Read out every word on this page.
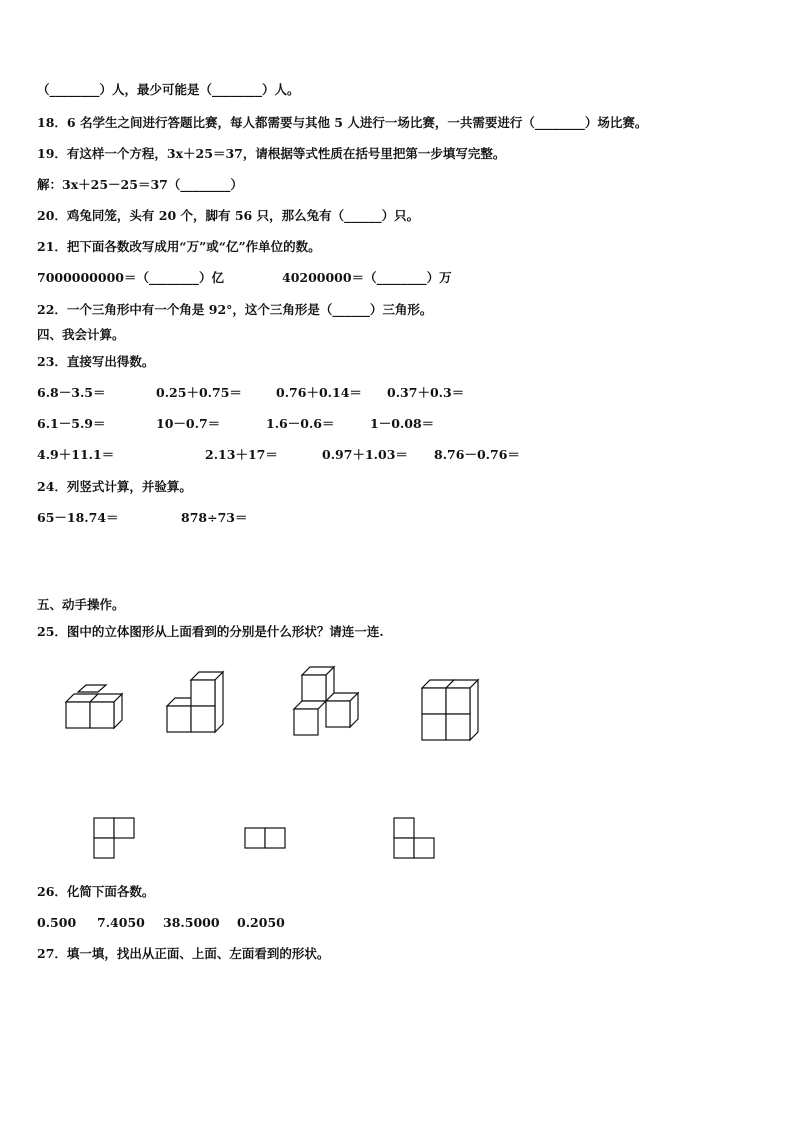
（________）人，最少可能是（________）人。
18．6 名学生之间进行答题比赛，每人都需要与其他 5 人进行一场比赛，一共需要进行（________）场比赛。
19．有这样一个方程，3x＋25＝37，请根据等式性质在括号里把第一步填写完整。
解：3x＋25－25＝37（________）
20．鸡兔同笼，头有 20 个，脚有 56 只，那么兔有（______）只。
21．把下面各数改写成用“万”或“亿”作单位的数。
7000000000＝（________）亿	40200000＝（________）万
22．一个三角形中有一个角是 92°，这个三角形是（______）三角形。
四、我会计算。
23．直接写出得数。
6.8－3.5＝	0.25＋0.75＝	0.76＋0.14＝ 0.37＋0.3＝
6.1－5.9＝	10－0.7＝	1.6－0.6＝	1－0.08＝
4.9＋11.1＝	2.13＋17＝	0.97＋1.03＝ 8.76－0.76＝
24．列竖式计算，并验算。
65－18.74＝	878÷73＝
五、动手操作。
25．图中的立体图形从上面看到的分别是什么形状？请连一连.
26．化简下面各数。
0.500 7.4050 38.5000 0.2050
27．填一填，找出从正面、上面、左面看到的形状。
